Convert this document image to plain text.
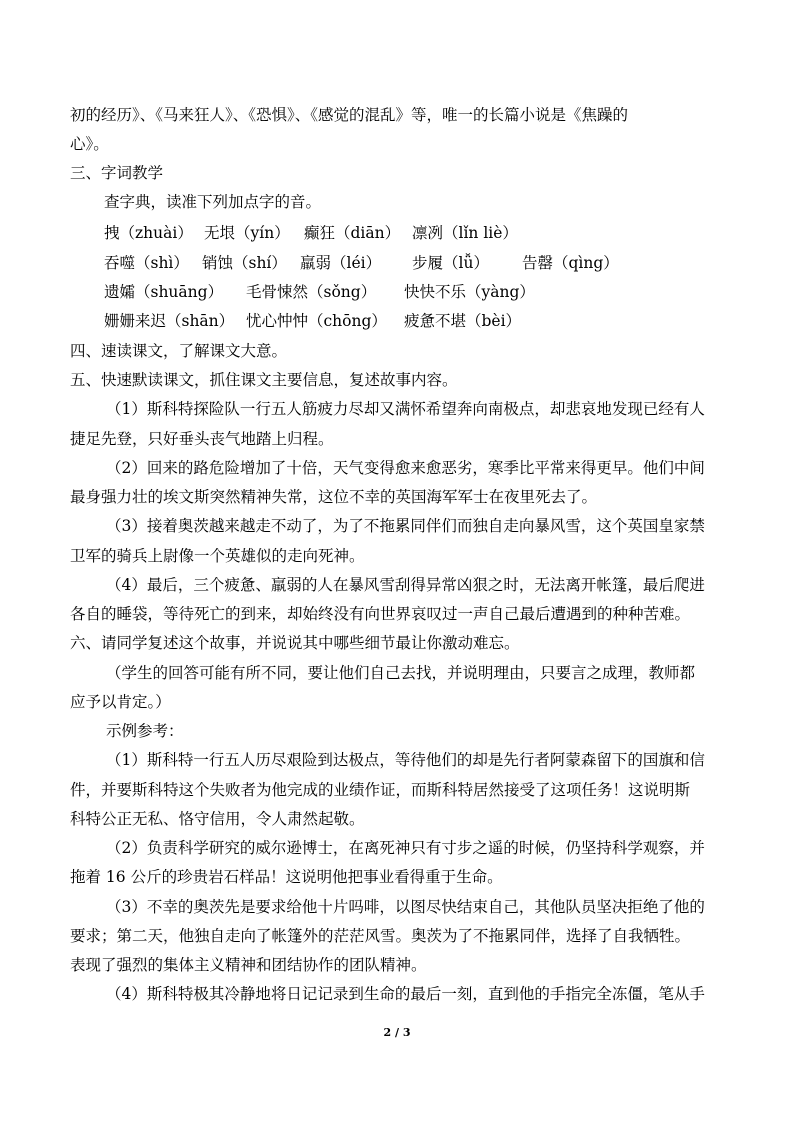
初的经历》、《马来狂人》、《恐惧》、《感觉的混乱》等，唯一的长篇小说是《焦躁的
心》。
三、字词教学
查字典，读准下列加点字的音。
拽（zhuài） 无垠（yín） 癫狂（diān） 凛冽（lǐn liè）
吞噬（shì） 销蚀（shí） 羸弱（léi） 步履（lǚ） 告罄（qìng）
遗孀（shuāng） 毛骨悚然（sǒng） 快快不乐（yàng）
姗姗来迟（shān） 忧心忡忡（chōng） 疲惫不堪（bèi）
四、速读课文，了解课文大意。
五、快速默读课文，抓住课文主要信息，复述故事内容。
（1）斯科特探险队一行五人筋疲力尽却又满怀希望奔向南极点，却悲哀地发现已经有人
捷足先登，只好垂头丧气地踏上归程。
（2）回来的路危险增加了十倍，天气变得愈来愈恶劣，寒季比平常来得更早。他们中间
最身强力壮的埃文斯突然精神失常，这位不幸的英国海军军士在夜里死去了。
（3）接着奥茨越来越走不动了，为了不拖累同伴们而独自走向暴风雪，这个英国皇家禁
卫军的骑兵上尉像一个英雄似的走向死神。
（4）最后，三个疲惫、羸弱的人在暴风雪刮得异常凶狠之时，无法离开帐篷，最后爬进
各自的睡袋，等待死亡的到来，却始终没有向世界哀叹过一声自己最后遭遇到的种种苦难。
六、请同学复述这个故事，并说说其中哪些细节最让你激动难忘。
（学生的回答可能有所不同，要让他们自己去找，并说明理由，只要言之成理，教师都
应予以肯定。）
示例参考：
（1）斯科特一行五人历尽艰险到达极点，等待他们的却是先行者阿蒙森留下的国旗和信
件，并要斯科特这个失败者为他完成的业绩作证，而斯科特居然接受了这项任务！这说明斯
科特公正无私、恪守信用，令人肃然起敬。
（2）负责科学研究的威尔逊博士，在离死神只有寸步之遥的时候，仍坚持科学观察，并
拖着 16 公斤的珍贵岩石样品！这说明他把事业看得重于生命。
（3）不幸的奥茨先是要求给他十片吗啡，以图尽快结束自己，其他队员坚决拒绝了他的
要求；第二天，他独自走向了帐篷外的茫茫风雪。奥茨为了不拖累同伴，选择了自我牺牲。
表现了强烈的集体主义精神和团结协作的团队精神。
（4）斯科特极其冷静地将日记记录到生命的最后一刻，直到他的手指完全冻僵，笔从手
2 / 3
